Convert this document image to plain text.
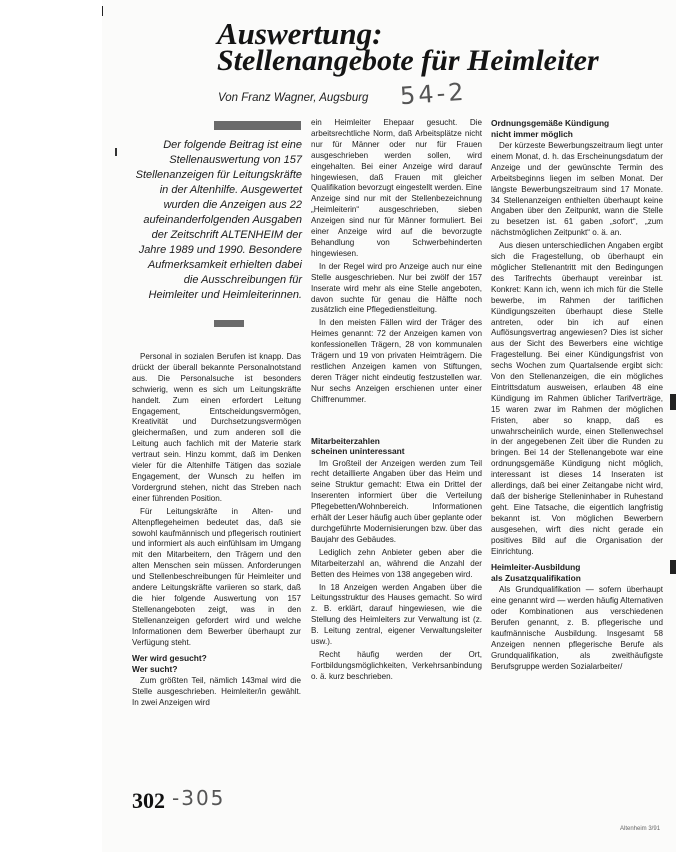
Auswertung:
Stellenangebote für Heimleiter
Von Franz Wagner, Augsburg 54-2
Der folgende Beitrag ist eine Stellenauswertung von 157 Stellenanzeigen für Leitungskräfte in der Altenhilfe. Ausgewertet wurden die Anzeigen aus 22 aufeinanderfolgenden Ausgaben der Zeitschrift ALTENHEIM der Jahre 1989 und 1990. Besondere Aufmerksamkeit erhielten dabei die Ausschreibungen für Heimleiter und Heimleiterinnen.

Personal in sozialen Berufen ist knapp. Das drückt der überall bekannte Personalnotstand aus. Die Personalsuche ist besonders schwierig, wenn es sich um Leitungskräfte handelt. Zum einen erfordert Leitung Engagement, Entscheidungsvermögen, Kreativität und Durchsetzungsvermögen gleichermaßen, und zum anderen soll die Leitung auch fachlich mit der Materie stark vertraut sein. Hinzu kommt, daß im Denken vieler für die Altenhilfe Tätigen das soziale Engagement, der Wunsch zu helfen im Vordergrund stehen, nicht das Streben nach einer führenden Position.

Für Leitungskräfte in Alten- und Altenpflegeheimen bedeutet das, daß sie sowohl kaufmännisch und pflegerisch routiniert und informiert als auch einfühlsam im Umgang mit den Mitarbeitern, den Trägern und den alten Menschen sein müssen. Anforderungen und Stellenbeschreibungen für Heimleiter und andere Leitungskräfte variieren so stark, daß die hier folgende Auswertung von 157 Stellenangeboten zeigt, was in den Stellenanzeigen gefordert wird und welche Informationen dem Bewerber überhaupt zur Verfügung steht.

Wer wird gesucht?
Wer sucht?

Zum größten Teil, nämlich 143mal wird die Stelle ausgeschrieben. Heimleiter/in gewählt. In zwei Anzeigen wird

ein Heimleiter Ehepaar gesucht. Die arbeitsrechtliche Norm, daß Arbeitsplätze nicht nur für Männer oder nur für Frauen ausgeschrieben werden sollen, wird eingehalten. Bei einer Anzeige wird darauf hingewiesen, daß Frauen mit gleicher Qualifikation bevorzugt eingestellt werden. Eine Anzeige sind nur mit der Stellenbezeichnung „Heimleiterin“ ausgeschrieben, sieben Anzeigen sind nur für Männer formuliert. Bei einer Anzeige wird auf die bevorzugte Behandlung von Schwerbehinderten hingewiesen.

In der Regel wird pro Anzeige auch nur eine Stelle ausgeschrieben. Nur bei zwölf der 157 Inserate wird mehr als eine Stelle angeboten, davon suchte für genau die Hälfte noch zusätzlich eine Pflegedienstleitung.

In den meisten Fällen wird der Träger des Heimes genannt: 72 der Anzeigen kamen von konfessionellen Trägern, 28 von kommunalen Trägern und 19 von privaten Heimträgern. Die restlichen Anzeigen kamen von Stiftungen, deren Träger nicht eindeutig festzustellen war. Nur sechs Anzeigen erschienen unter einer Chiffrenummer.

Mitarbeiterzahlen
scheinen uninteressant

Im Großteil der Anzeigen werden zum Teil recht detaillierte Angaben über das Heim und seine Struktur gemacht: Etwa ein Drittel der Inserenten informiert über die Verteilung Pflegebetten/Wohnbereich. Informationen erhält der Leser häufig auch über geplante oder durchgeführte Modernisierungen bzw. über das Baujahr des Gebäudes.

Lediglich zehn Anbieter geben aber die Mitarbeiterzahl an, während die Anzahl der Betten des Heimes von 138 angegeben wird.

In 18 Anzeigen werden Angaben über die Leitungsstruktur des Hauses gemacht. So wird z. B. erklärt, darauf hingewiesen, wie die Stellung des Heimleiters zur Verwaltung ist (z. B. Leitung zentral, eigener Verwaltungsleiter usw.).

Recht häufig werden der Ort, Fortbildungsmöglichkeiten, Verkehrsanbindung o. ä. kurz beschrieben.

Ordnungsgemäße Kündigung
nicht immer möglich

Der kürzeste Bewerbungszeitraum liegt unter einem Monat, d. h. das Erscheinungsdatum der Anzeige und der gewünschte Termin des Arbeitsbeginns liegen im selben Monat. Der längste Bewerbungszeitraum sind 17 Monate. 34 Stellenanzeigen enthielten überhaupt keine Angaben über den Zeitpunkt, wann die Stelle zu besetzen ist. 61 gaben „sofort“, „zum nächstmöglichen Zeitpunkt“ o. ä. an.

Aus diesen unterschiedlichen Angaben ergibt sich die Fragestellung, ob überhaupt ein möglicher Stellenantritt mit den Bedingungen des Tarifrechts überhaupt vereinbar ist. Konkret: Kann ich, wenn ich mich für die Stelle bewerbe, im Rahmen der tariflichen Kündigungszeiten überhaupt diese Stelle antreten, oder bin ich auf einen Auflösungsvertrag angewiesen? Dies ist sicher aus der Sicht des Bewerbers eine wichtige Fragestellung. Bei einer Kündigungsfrist von sechs Wochen zum Quartalsende ergibt sich: Von den Stellenanzeigen, die ein mögliches Eintrittsdatum ausweisen, erlauben 48 eine Kündigung im Rahmen üblicher Tarifverträge, 15 waren zwar im Rahmen der möglichen Fristen, aber so knapp, daß es unwahrscheinlich wurde, einen Stellenwechsel in der angegebenen Zeit über die Runden zu bringen. Bei 14 der Stellenangebote war eine ordnungsgemäße Kündigung nicht möglich, interessant ist dieses 14 Inseraten ist allerdings, daß bei einer Zeitangabe nicht wird, daß der bisherige Stelleninhaber in Ruhestand geht. Eine Tatsache, die eigentlich langfristig bekannt ist. Von möglichen Bewerbern ausgesehen, wirft dies nicht gerade ein positives Bild auf die Organisation der Einrichtung.

Heimleiter-Ausbildung
als Zusatzqualifikation

Als Grundqualifikation — sofern überhaupt eine genannt wird — werden häufig Alternativen oder Kombinationen aus verschiedenen Berufen genannt, z. B. pflegerische und kaufmännische Ausbildung. Insgesamt 58 Anzeigen nennen pflegerische Berufe als Grundqualifikation, als zweithäufigste Berufsgruppe werden Sozialarbeiter/

302 -305
Altenheim 3/91
